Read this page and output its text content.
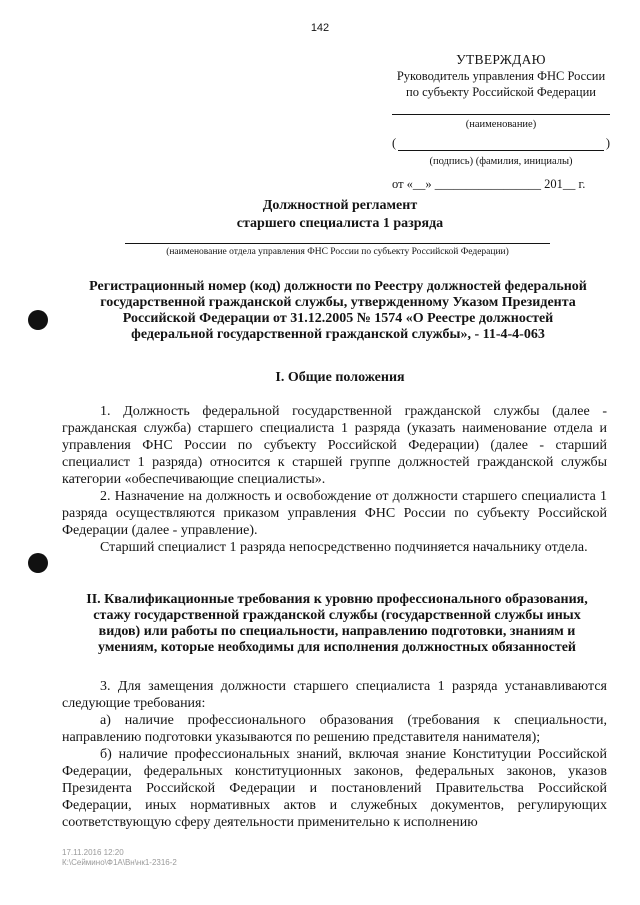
142
УТВЕРЖДАЮ
Руководитель управления ФНС России
по субъекту Российской Федерации
(наименование)
(	)
(подпись) (фамилия, инициалы)
от «__» _________________ 201__ г.
Должностной регламент
старшего специалиста 1 разряда
(наименование отдела управления ФНС России по субъекту Российской Федерации)
Регистрационный номер (код) должности по Реестру должностей федеральной
государственной гражданской службы, утвержденному Указом Президента
Российской Федерации от 31.12.2005 № 1574 «О Реестре должностей
федеральной государственной гражданской службы», - 11-4-4-063
I. Общие положения

1. Должность федеральной государственной гражданской службы (далее - гражданская служба) старшего специалиста 1 разряда (указать наименование отдела и управления ФНС России по субъекту Российской Федерации) (далее - старший специалист 1 разряда) относится к старшей группе должностей гражданской службы категории «обеспечивающие специалисты».

2. Назначение на должность и освобождение от должности старшего специалиста 1 разряда осуществляются приказом управления ФНС России по субъекту Российской Федерации (далее - управление).

Старший специалист 1 разряда непосредственно подчиняется начальнику отдела.

II. Квалификационные требования к уровню профессионального образования,
стажу государственной гражданской службы (государственной службы иных
видов) или работы по специальности, направлению подготовки, знаниям и
умениям, которые необходимы для исполнения должностных обязанностей

3. Для замещения должности старшего специалиста 1 разряда устанавливаются следующие требования:

а) наличие профессионального образования (требования к специальности, направлению подготовки указываются по решению представителя нанимателя);

б) наличие профессиональных знаний, включая знание Конституции Российской Федерации, федеральных конституционных законов, федеральных законов, указов Президента Российской Федерации и постановлений Правительства Российской Федерации, иных нормативных актов и служебных документов, регулирующих соответствующую сферу деятельности применительно к исполнению

17.11.2016 12:20
К:\Сеймино\Ф1А\Вн\нк1-2316-2
